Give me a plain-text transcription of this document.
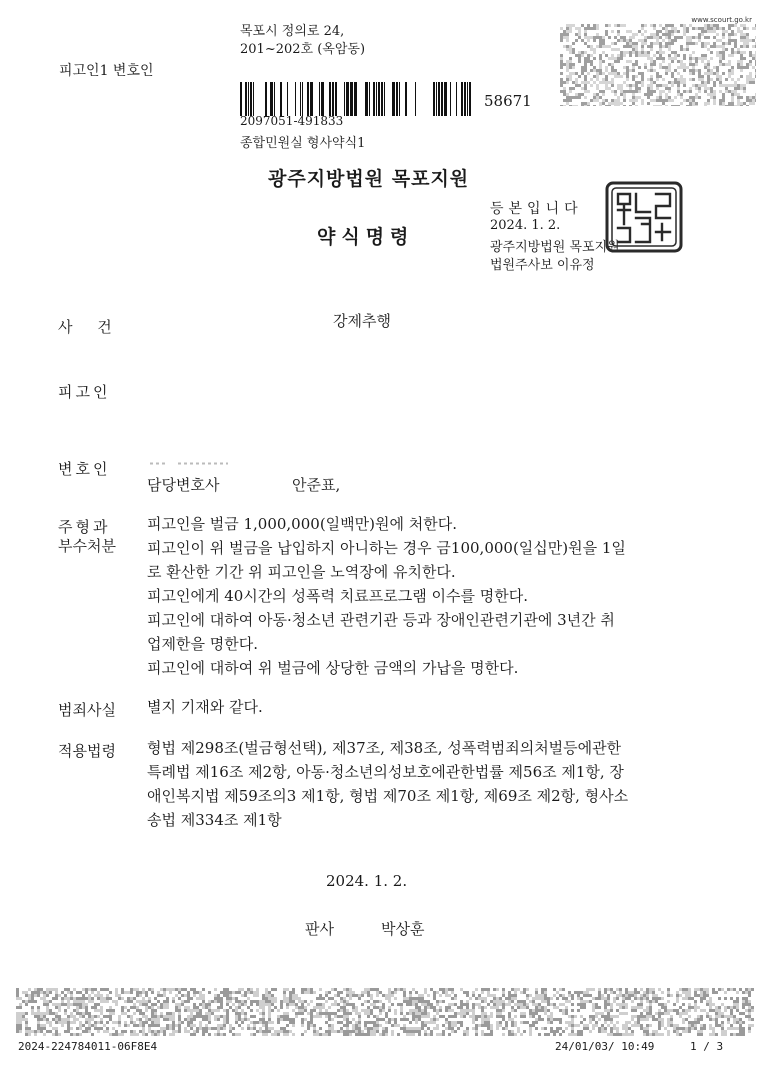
피고인1 변호인
목포시 정의로 24,
201~202호 (옥암동)
58671
2097051-491833
종합민원실 형사약식1
www.scourt.go.kr
광주지방법원 목포지원
약식명령
등본입니다
2024. 1. 2.
광주지방법원 목포지원
법원주사보 이유정
사 건	강제추행
피고인
변호인
담당변호사	안준표,
주형과
부수처분
피고인을 벌금 1,000,000(일백만)원에 처한다.
피고인이 위 벌금을 납입하지 아니하는 경우 금100,000(일십만)원을 1일
로 환산한 기간 위 피고인을 노역장에 유치한다.
피고인에게 40시간의 성폭력 치료프로그램 이수를 명한다.
피고인에 대하여 아동·청소년 관련기관 등과 장애인관련기관에 3년간 취
업제한을 명한다.
피고인에 대하여 위 벌금에 상당한 금액의 가납을 명한다.
범죄사실 별지 기재와 같다.
적용법령 형법 제298조(벌금형선택), 제37조, 제38조, 성폭력범죄의처벌등에관한
특례법 제16조 제2항, 아동·청소년의성보호에관한법률 제56조 제1항, 장
애인복지법 제59조의3 제1항, 형법 제70조 제1항, 제69조 제2항, 형사소
송법 제334조 제1항
2024. 1. 2.
판사	박상훈
2024-224784011-06F8E4	24/01/03/ 10:49	1 / 3
